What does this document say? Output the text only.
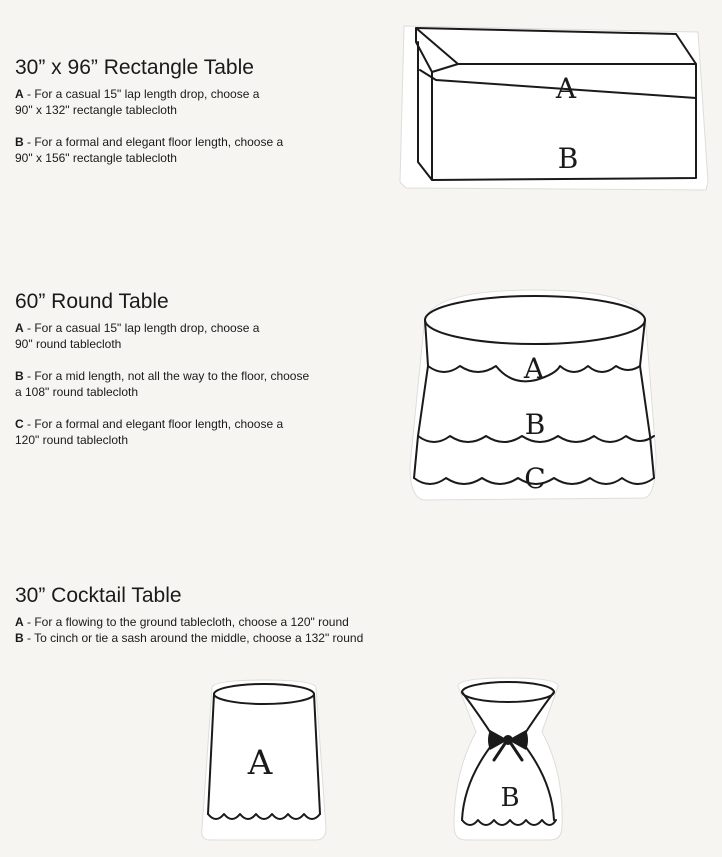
30” x 96” Rectangle Table

A - For a casual 15" lap length drop, choose a

90" x 132" rectangle tablecloth

B - For a formal and elegant floor length, choose a

90" x 156" rectangle tablecloth

A
B
60” Round Table

A - For a casual 15" lap length drop, choose a

90" round tablecloth

B - For a mid length, not all the way to the floor, choose

a 108" round tablecloth

C - For a formal and elegant floor length, choose a

120" round tablecloth

A
B
C
30” Cocktail Table

A - For a flowing to the ground tablecloth, choose a 120" round

B - To cinch or tie a sash around the middle, choose a 132" round

A
B
